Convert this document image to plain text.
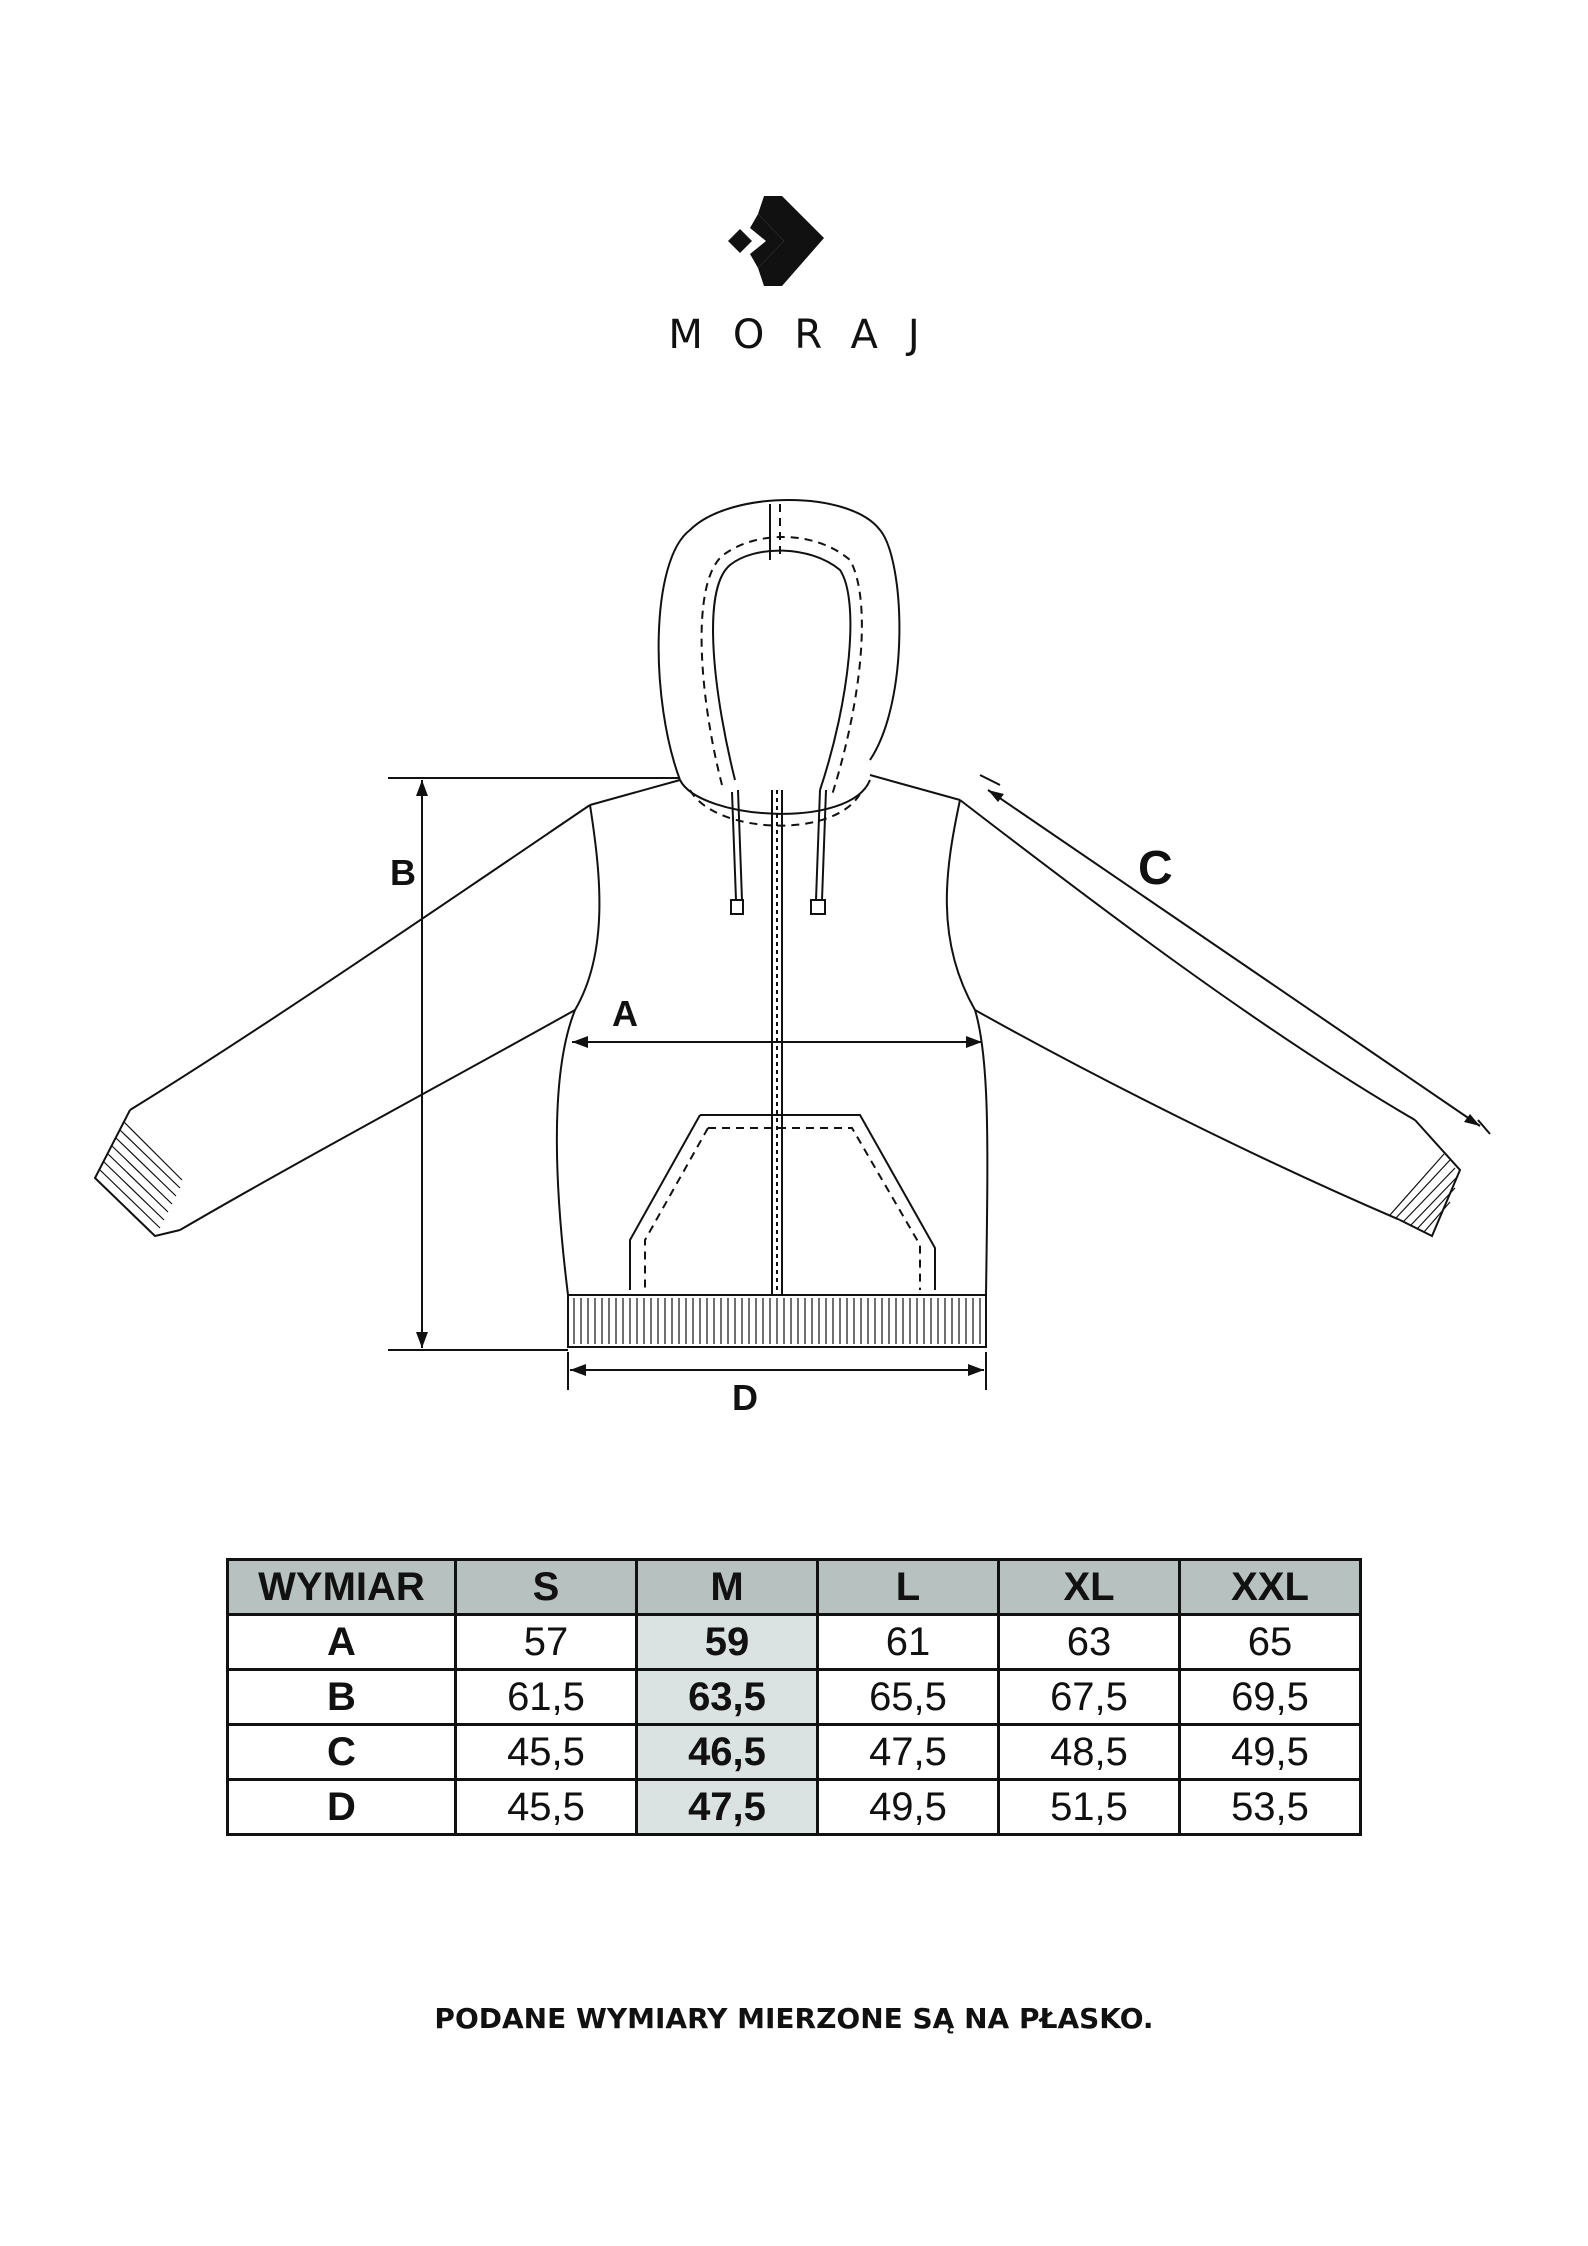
MORAJ
B
A
D
C
WYMIAR	S	M	L	XL	XXL
A	57	59	61	63	65
B	61,5	63,5	65,5	67,5	69,5
C	45,5	46,5	47,5	48,5	49,5
D	45,5	47,5	49,5	51,5	53,5
PODANE WYMIARY MIERZONE SĄ NA PŁASKO.
